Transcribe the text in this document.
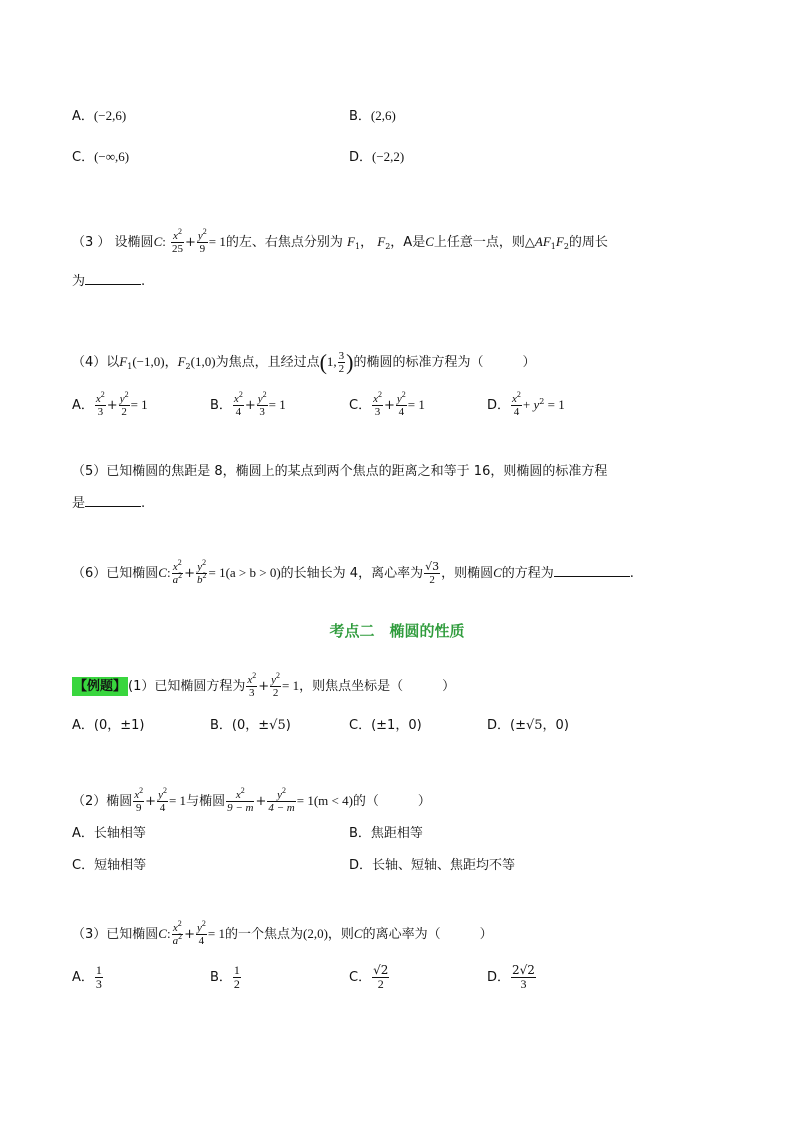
A．(−2,6)	B．(2,6)
C．(−∞,6)	D．(−2,2)
（3 ） 设椭圆C: $\frac{x^2}{25} + \frac{y^2}{9} = 1$的左、右焦点分别为 $F_1$， $F_2$，A是C上任意一点，则$\triangle AF_1F_2$的周长
为	.
（4）以$F_1(-1,0)$，$F_2(1,0)$为焦点，且经过点(1, $\frac{3}{2}$ )的椭圆的标准方程为（　　　）
A． $\frac{x^2}{3} + \frac{y^2}{2} = 1$	B． $\frac{x^2}{4} + \frac{y^2}{3} = 1$	C． $\frac{x^2}{3} + \frac{y^2}{4} = 1$	D． $\frac{x^2}{4} + y^2 = 1$
（5）已知椭圆的焦距是 8，椭圆上的某点到两个焦点的距离之和等于 16，则椭圆的标准方程
是	.
（6）已知椭圆C: $\frac{x^2}{a^2} + \frac{y^2}{b^2} = 1(a > b > 0)$的长轴长为 4，离心率为 $\frac{√3}{2}$ ，则椭圆C的方程为	.
考点二　椭圆的性质
【例题】 (1）已知椭圆方程为 $\frac{x^2}{3} + \frac{y^2}{2} = 1$，则焦点坐标是（　　　）
A．(0，±1)	B．(0，±√5)	C．(±1，0)	D．(±√5，0)
（2）椭圆 $\frac{x^2}{9} + \frac{y^2}{4} = 1$与椭圆 $\frac{x^2}{9 - m} + \frac{y^2}{4 - m} = 1(m < 4)$的（　　　）
A．长轴相等	B．焦距相等
C．短轴相等	D．长轴、短轴、焦距均不等
（3）已知椭圆C: $\frac{x^2}{a^2} + \frac{y^2}{4} = 1$的一个焦点为(2,0)，则C的离心率为（　　　）
A． $\frac{1}{3}$	B． $\frac{1}{2}$	C． $\frac{√2}{2}$	D． $\frac{2√2}{3}$
